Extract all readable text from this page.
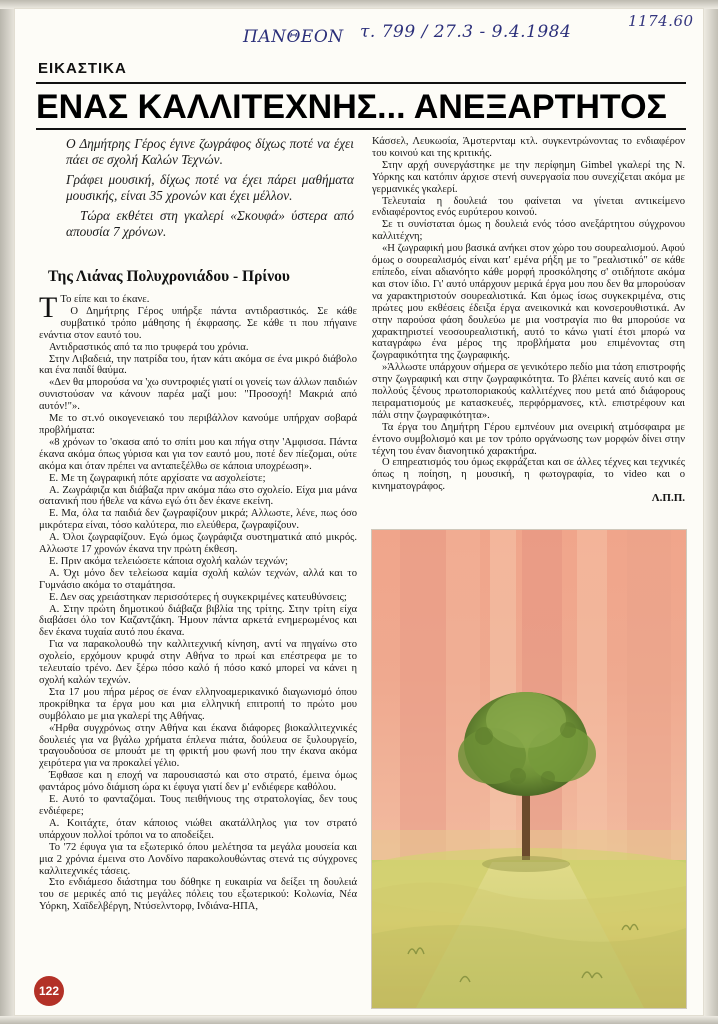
ΠΑΝΘΕΟΝ τ. 799 / 27.3 - 9.4.1984
1174.60
ΕΙΚΑΣΤΙΚΑ
ΕΝΑΣ ΚΑΛΛΙΤΕΧΝΗΣ... ΑΝΕΞΑΡΤΗΤΟΣ

Ο Δημήτρης Γέρος έγινε ζωγράφος δίχως ποτέ να έχει πάει σε σχολή Καλών Τεχνών.

Γράφει μουσική, δίχως ποτέ να έχει πάρει μαθήματα μουσικής, είναι 35 χρονών και έχει μέλλον.

Τώρα εκθέτει στη γκαλερί «Σκουφά» ύστερα από απουσία 7 χρόνων.

Της Λιάνας Πολυχρονιάδου - Πρίνου

Τ Το είπε και το έκανε.

Ο Δημήτρης Γέρος υπήρξε πάντα αντιδραστικός. Σε κάθε συμβατικό τρόπο μάθησης ή έκφρασης. Σε κάθε τι που πήγαινε ενάντια στον εαυτό του.

Αντιδραστικός από τα πιο τρυφερά του χρόνια.

Στην Λιβαδειά, την πατρίδα του, ήταν κάτι ακόμα σε ένα μικρό διάβολο και ένα παιδί θαύμα.

«Δεν θα μπορούσα να 'χω συντροφιές γιατί οι γονείς των άλλων παιδιών συνιστούσαν να κάνουν παρέα μαζί μου: "Προσοχή! Μακριά από αυτόν!"».

Με το στ.νό οικογενειακό του περιβάλλον κανούμε υπήρχαν σοβαρά προβλήματα:

«8 χρόνων το 'σκασα από το σπίτι μου και πήγα στην 'Αμφισσα. Πάντα έκανα ακόμα όπως γύρισα και για τον εαυτό μου, ποτέ δεν πίεζομαι, ούτε ακόμα και όταν πρέπει να ανταπεξέλθω σε κάποια υποχρέωση».

Ε. Με τη ζωγραφική πότε αρχίσατε να ασχολείστε;

Α. Ζωγράφιζα και διάβαζα πριν ακόμα πάω στο σχολείο. Είχα μια μάνα σατανική που ήθελε να κάνω εγώ ότι δεν έκανε εκείνη.

Ε. Μα, όλα τα παιδιά δεν ζωγραφίζουν μικρά; Αλλωστε, λένε, πως όσο μικρότερα είναι, τόσο καλύτερα, πιο ελεύθερα, ζωγραφίζουν.

Α. Όλοι ζωγραφίζουν. Εγώ όμως ζωγράφιζα συστηματικά από μικρός. Αλλωστε 17 χρονών έκανα την πρώτη έκθεση.

Ε. Πριν ακόμα τελειώσετε κάποια σχολή καλών τεχνών;

Α. Όχι μόνο δεν τελείωσα καμία σχολή καλών τεχνών, αλλά και το Γυμνάσιο ακόμα το σταμάτησα.

Ε. Δεν σας χρειάστηκαν περισσότερες ή συγκεκριμένες κατευθύνσεις;

Α. Στην πρώτη δημοτικού διάβαζα βιβλία της τρίτης. Στην τρίτη είχα διαβάσει όλο τον Καζαντζάκη. Ήμουν πάντα αρκετά ενημερωμένος και δεν έκανα τυχαία αυτό που έκανα.

Για να παρακολουθώ την καλλιτεχνική κίνηση, αντί να πηγαίνω στο σχολείο, ερχόμουν κρυφά στην Αθήνα το πρωί και επέστρεφα με το τελευταίο τρένο. Δεν ξέρω πόσο καλό ή πόσο κακό μπορεί να κάνει η σχολή καλών τεχνών.

Στα 17 μου πήρα μέρος σε έναν ελληνοαμερικανικό διαγωνισμό όπου προκρίθηκα τα έργα μου και μια ελληνική επιτροπή το πρώτο μου συμβόλαιο με μια γκαλερί της Αθήνας.

«Ήρθα συγχρόνως στην Αθήνα και έκανα διάφορες βιοκαλλιτεχνικές δουλειές για να βγάλω χρήματα έπλενα πιάτα, δούλευα σε ξυλουργείο, τραγουδούσα σε μπουάτ με τη φρικτή μου φωνή που την έκανα ακόμα χειρότερα για να προκαλεί γέλιο.

Έφθασε και η εποχή να παρουσιαστώ και στο στρατό, έμεινα όμως φαντάρος μόνο διάμιση ώρα κι έφυγα γιατί δεν μ' ενδιέφερε καθόλου.

Ε. Αυτό το φανταζόμαι. Τους πειθήνιους της στρατολογίας, δεν τους ενδιέφερε;

Α. Κοιτάχτε, όταν κάποιος νιώθει ακατάλληλος για τον στρατό υπάρχουν πολλοί τρόποι να το αποδείξει.

Το '72 έφυγα για τα εξωτερικό όπου μελέτησα τα μεγάλα μουσεία και μια 2 χρόνια έμεινα στο Λονδίνο παρακολουθώντας στενά τις σύγχρονες καλλιτεχνικές τάσεις.

Στο ενδιάμεσο διάστημα του δόθηκε η ευκαιρία να δείξει τη δουλειά του σε μερικές από τις μεγάλες πόλεις του εξωτερικού: Κολωνία, Νέα Υόρκη, Χαϊδελβέργη, Ντύσελντορφ, Ινδιάνα-ΗΠΑ,

Κάσσελ, Λευκωσία, Άμστερνταμ κτλ. συγκεντρώνοντας το ενδιαφέρον του κοινού και της κριτικής.

Στην αρχή συνεργάστηκε με την περίφημη Gimbel γκαλερί της Ν. Υόρκης και κατόπιν άρχισε στενή συνεργασία που συνεχίζεται ακόμα με γερμανικές γκαλερί.

Τελευταία η δουλειά του φαίνεται να γίνεται αντικείμενο ενδιαφέροντος ενός ευρύτερου κοινού.

Σε τι συνίσταται όμως η δουλειά ενός τόσο ανεξάρτητου σύγχρονου καλλιτέχνη;

«Η ζωγραφική μου βασικά ανήκει στον χώρο του σουρεαλισμού. Αφού όμως ο σουρεαλισμός είναι κατ' εμένα ρήξη με το "ρεαλιστικό" σε κάθε επίπεδο, είναι αδιανόητο κάθε μορφή προσκόλησης σ' οτιδήποτε ακόμα και στον ίδιο. Γι' αυτό υπάρχουν μερικά έργα μου που δεν θα μπορούσαν να χαρακτηριστούν σουρεαλιστικά. Και όμως ίσως συγκεκριμένα, στις πρώτες μου εκθέσεις έδειξα έργα ανεικονικά και κονσερουθιστικά. Αν στην παρούσα φάση δουλεύω με μια νοστραγία πιο θα μπορούσε να χαρακτηριστεί νεοσουρεαλιστική, αυτό το κάνω γιατί έτσι μπορώ να καταγράφω ένα μέρος της προβλήματα μου επιμένοντας στη ζωγραφικότητα της ζωγραφικής.

»Άλλωστε υπάρχουν σήμερα σε γενικότερο πεδίο μια τάση επιστροφής στην ζωγραφική και στην ζωγραφικότητα. Το βλέπει κανείς αυτό και σε πολλούς ξένους πρωτοποριακούς καλλιτέχνες που μετά από διάφορους πειραματισμούς με κατασκευές, περφόρμανσες, κτλ. επιστρέφουν και πάλι στην ζωγραφικότητα».

Τα έργα του Δημήτρη Γέρου εμπνέουν μια ονειρική ατμόσφαιρα με έντονο συμβολισμό και με τον τρόπο οργάνωσης των μορφών δίνει στην τέχνη του έναν διανοητικό χαρακτήρα.

Ο επηρεατισμός του όμως εκφράζεται και σε άλλες τέχνες και τεχνικές όπως η ποίηση, η μουσική, η φωτογραφία, το video και ο κινηματογράφος.

Λ.Π.Π.

122
